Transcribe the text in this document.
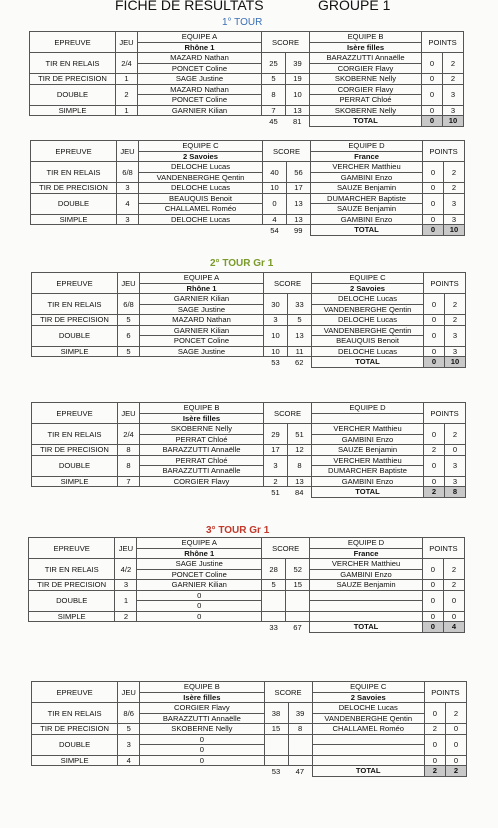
FICHE DE RESULTATS	GROUPE 1
1° TOUR
2° TOUR Gr 1
3° TOUR Gr 1
EPREUVE	JEU	EQUIPE A	SCORE		EQUIPE B	POINTS	
		Rhône 1			Isère filles		
TIR EN RELAIS	2/4	MAZARD Nathan	25	39	BARAZZUTTI Annaëlle	0	2
		PONCET Coline			CORGIER Flavy		
TIR DE PRECISION	1	SAGE Justine	5	19	SKOBERNE Nelly	0	2
DOUBLE	2	MAZARD Nathan	8	10	CORGIER Flavy	0	3
		PONCET Coline			PERRAT Chloé		
SIMPLE	1	GARNIER Kilian	7	13	SKOBERNE Nelly	0	3
			45	81	TOTAL	0	10
EPREUVE	JEU	EQUIPE C	SCORE		EQUIPE D	POINTS	
		2 Savoies			France		
TIR EN RELAIS	6/8	DELOCHE Lucas	40	56	VERCHER Matthieu	0	2
		VANDENBERGHE Qentin			GAMBINI Enzo		
TIR DE PRECISION	3	DELOCHE Lucas	10	17	SAUZE Benjamin	0	2
DOUBLE	4	BEAUQUIS Benoit	0	13	DUMARCHER Baptiste	0	3
		CHALLAMEL Roméo			SAUZE Benjamin		
SIMPLE	3	DELOCHE Lucas	4	13	GAMBINI Enzo	0	3
			54	99	TOTAL	0	10
EPREUVE	JEU	EQUIPE A	SCORE		EQUIPE C	POINTS	
		Rhône 1			2 Savoies		
TIR EN RELAIS	6/8	GARNIER Kilian	30	33	DELOCHE Lucas	0	2
		SAGE Justine			VANDENBERGHE Qentin		
TIR DE PRECISION	5	MAZARD Nathan	3	5	DELOCHE Lucas	0	2
DOUBLE	6	GARNIER Kilian	10	13	VANDENBERGHE Qentin	0	3
		PONCET Coline			BEAUQUIS Benoit		
SIMPLE	5	SAGE Justine	10	11	DELOCHE Lucas	0	3
			53	62	TOTAL	0	10
EPREUVE	JEU	EQUIPE B	SCORE		EQUIPE D	POINTS	
		Isère filles					
TIR EN RELAIS	2/4	SKOBERNE Nelly	29	51	VERCHER Matthieu	0	2
		PERRAT Chloé			GAMBINI Enzo		
TIR DE PRECISION	8	BARAZZUTTI Annaëlle	17	12	SAUZE Benjamin	2	0
DOUBLE	8	PERRAT Chloé	3	8	VERCHER Matthieu	0	3
		BARAZZUTTI Annaëlle			DUMARCHER Baptiste		
SIMPLE	7	CORGIER Flavy	2	13	GAMBINI Enzo	0	3
			51	84	TOTAL	2	8
EPREUVE	JEU	EQUIPE A	SCORE		EQUIPE D	POINTS	
		Rhône 1			France		
TIR EN RELAIS	4/2	SAGE Justine	28	52	VERCHER Matthieu	0	2
		PONCET Coline			GAMBINI Enzo		
TIR DE PRECISION	3	GARNIER Kilian	5	15	SAUZE Benjamin	0	2
DOUBLE	1	0				0	0
		0					
SIMPLE	2	0				0	0
			33	67	TOTAL	0	4
EPREUVE	JEU	EQUIPE B	SCORE		EQUIPE C	POINTS	
		Isère filles			2 Savoies		
TIR EN RELAIS	8/6	CORGIER Flavy	38	39	DELOCHE Lucas	0	2
		BARAZZUTTI Annaëlle			VANDENBERGHE Qentin		
TIR DE PRECISION	5	SKOBERNE Nelly	15	8	CHALLAMEL Roméo	2	0
DOUBLE	3	0				0	0
		0					
SIMPLE	4	0				0	0
			53	47	TOTAL	2	2
